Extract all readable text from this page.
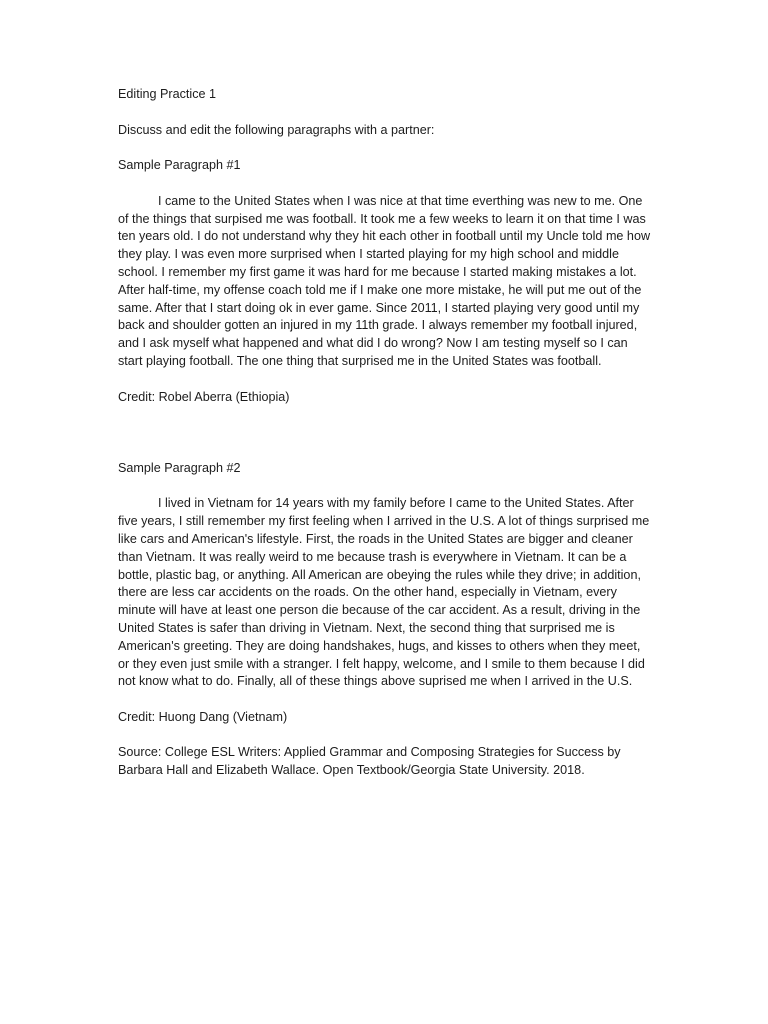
Editing Practice 1

Discuss and edit the following paragraphs with a partner:

Sample Paragraph #1

I came to the United States when I was nice at that time everthing was new to me. One of the things that surpised me was football. It took me a few weeks to learn it on that time I was ten years old. I do not understand why they hit each other in football until my Uncle told me how they play. I was even more surprised when I started playing for my high school and middle school. I remember my first game it was hard for me because I started making mistakes a lot. After half-time, my offense coach told me if I make one more mistake, he will put me out of the same. After that I start doing ok in ever game. Since 2011, I started playing very good until my back and shoulder gotten an injured in my 11th grade. I always remember my football injured, and I ask myself what happened and what did I do wrong? Now I am testing myself so I can start playing football. The one thing that surprised me in the United States was football.

Credit: Robel Aberra (Ethiopia)

Sample Paragraph #2

I lived in Vietnam for 14 years with my family before I came to the United States. After five years, I still remember my first feeling when I arrived in the U.S. A lot of things surprised me like cars and American's lifestyle. First, the roads in the United States are bigger and cleaner than Vietnam. It was really weird to me because trash is everywhere in Vietnam. It can be a bottle, plastic bag, or anything. All American are obeying the rules while they drive; in addition, there are less car accidents on the roads. On the other hand, especially in Vietnam, every minute will have at least one person die because of the car accident. As a result, driving in the United States is safer than driving in Vietnam. Next, the second thing that surprised me is American's greeting. They are doing handshakes, hugs, and kisses to others when they meet, or they even just smile with a stranger. I felt happy, welcome, and I smile to them because I did not know what to do. Finally, all of these things above suprised me when I arrived in the U.S.

Credit: Huong Dang (Vietnam)

Source: College ESL Writers: Applied Grammar and Composing Strategies for Success by Barbara Hall and Elizabeth Wallace. Open Textbook/Georgia State University. 2018.
